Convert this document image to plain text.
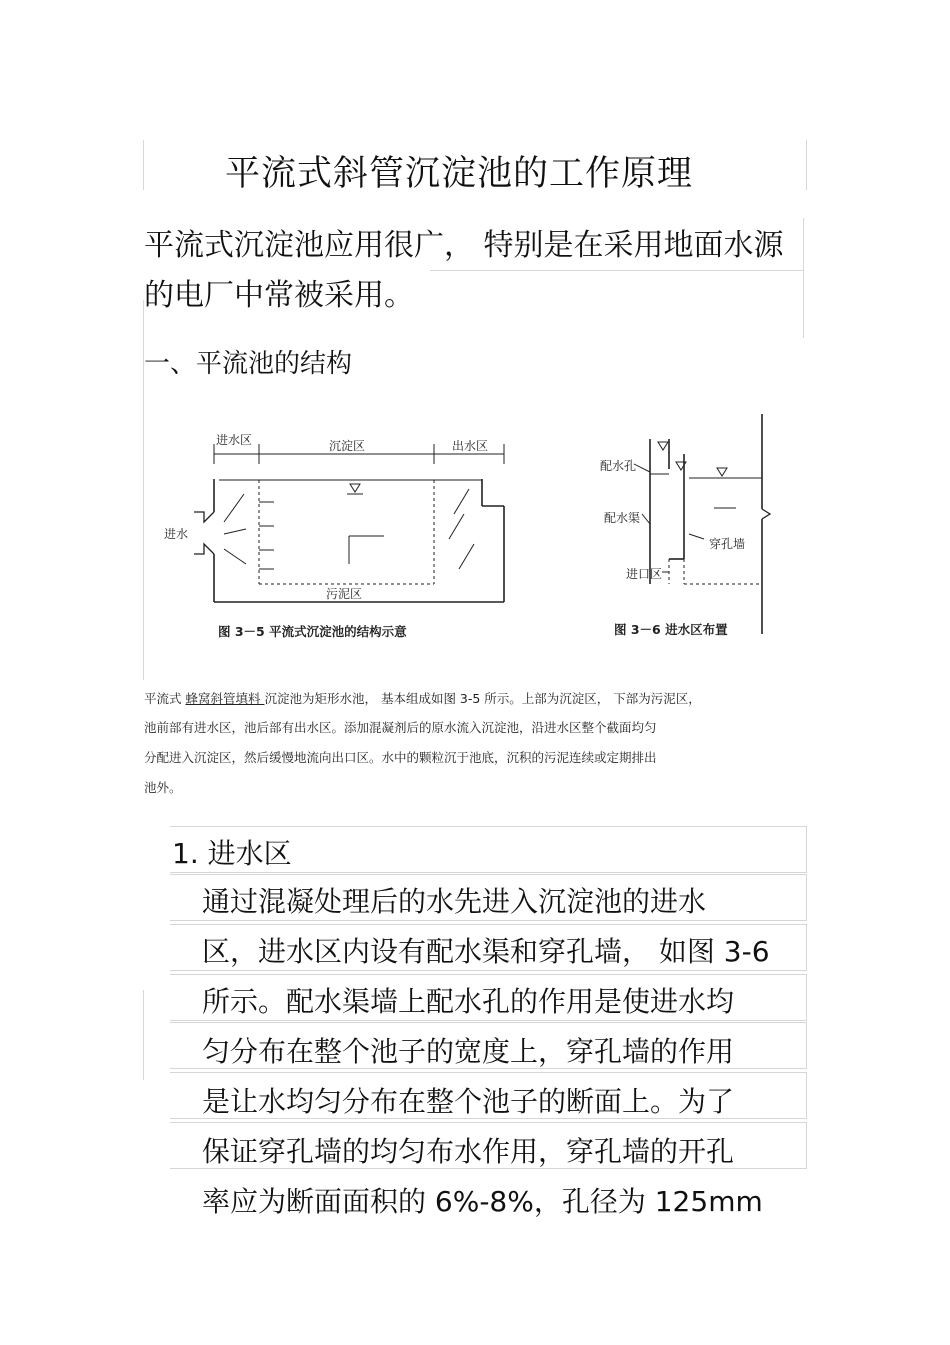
平流式斜管沉淀池的工作原理
平流式沉淀池应用很广， 特别是在采用地面水源
的电厂中常被采用。
一、平流池的结构
进水区	沉淀区	出水区
进水
污泥区
图 3－5 平流式沉淀池的结构示意
配水孔
配水渠
穿孔墙
进口区
图 3－6 进水区布置
平流式 蜂窝斜管填料 沉淀池为矩形水池， 基本组成如图 3-5 所示。上部为沉淀区， 下部为污泥区，
池前部有进水区，池后部有出水区。添加混凝剂后的原水流入沉淀池，沿进水区整个截面均匀
分配进入沉淀区，然后缓慢地流向出口区。水中的颗粒沉于池底，沉积的污泥连续或定期排出
池外。
1. 进水区
通过混凝处理后的水先进入沉淀池的进水
区，进水区内设有配水渠和穿孔墙， 如图 3-6
所示。配水渠墙上配水孔的作用是使进水均
匀分布在整个池子的宽度上，穿孔墙的作用
是让水均匀分布在整个池子的断面上。为了
保证穿孔墙的均匀布水作用，穿孔墙的开孔
率应为断面面积的 6%-8%，孔径为 125mm
